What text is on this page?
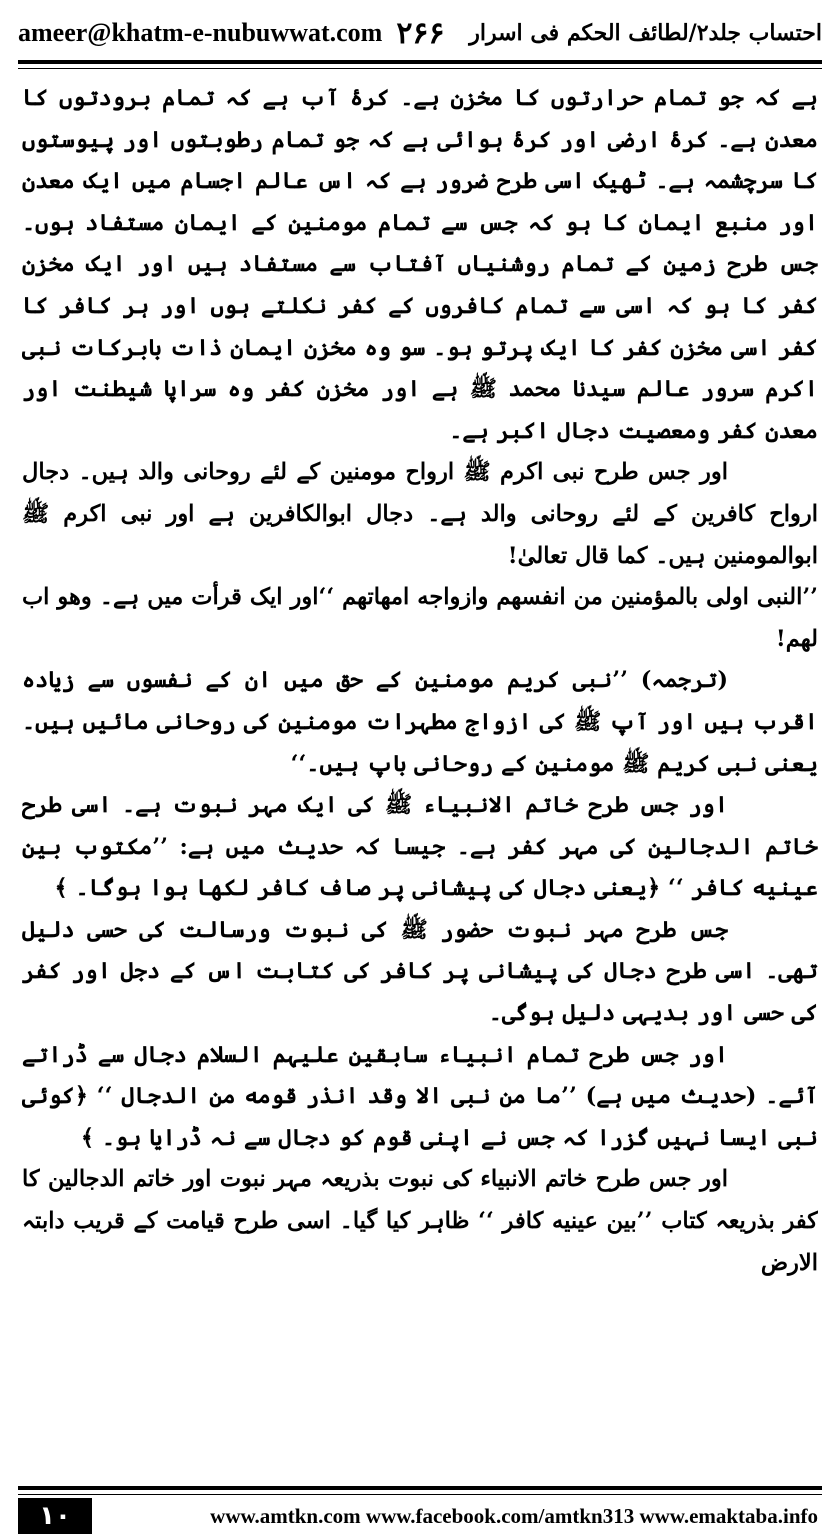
ameer@khatm-e-nubuwwat.com ۲۶۶ احتساب جلد۲/لطائف الحکم فی اسرار

ہے کہ جو تمام حرارتوں کا مخزن ہے۔ کرۂ آب ہے کہ تمام برودتوں کا معدن ہے۔ کرۂ ارضی اور کرۂ ہوائی ہے کہ جو تمام رطوبتوں اور پیوستوں کا سرچشمہ ہے۔ ٹھیک اسی طرح ضرور ہے کہ اس عالم اجسام میں ایک معدن اور منبع ایمان کا ہو کہ جس سے تمام مومنین کے ایمان مستفاد ہوں۔ جس طرح زمین کے تمام روشنیاں آفتاب سے مستفاد ہیں اور ایک مخزن کفر کا ہو کہ اسی سے تمام کافروں کے کفر نکلتے ہوں اور ہر کافر کا کفر اسی مخزن کفر کا ایک پرتو ہو۔ سو وہ مخزن ایمان ذات بابرکات نبی اکرم سرور عالم سیدنا محمد ﷺ ہے اور مخزن کفر وہ سراپا شیطنت اور معدن کفر ومعصیت دجال اکبر ہے۔

اور جس طرح نبی اکرم ﷺ ارواح مومنین کے لئے روحانی والد ہیں۔ دجال ارواح کافرین کے لئے روحانی والد ہے۔ دجال ابوالکافرین ہے اور نبی اکرم ﷺ ابوالمومنین ہیں۔ کما قال تعالیٰ!

’’النبی اولی بالمؤمنین من انفسھم وازواجه امھاتھم ‘‘اور ایک قرأت میں ہے۔ وھو اب لھم!

(ترجمہ) ’’نبی کریم مومنین کے حق میں ان کے نفسوں سے زیادہ اقرب ہیں اور آپ ﷺ کی ازواج مطہرات مومنین کی روحانی مائیں ہیں۔ یعنی نبی کریم ﷺ مومنین کے روحانی باپ ہیں۔‘‘

اور جس طرح خاتم الانبیاء ﷺ کی ایک مہر نبوت ہے۔ اسی طرح خاتم الدجالین کی مہر کفر ہے۔ جیسا کہ حدیث میں ہے: ’’مکتوب بین عینیه کافر ‘‘ ﴿یعنی دجال کی پیشانی پر صاف کافر لکھا ہوا ہوگا۔ ﴾

جس طرح مہر نبوت حضور ﷺ کی نبوت ورسالت کی حسی دلیل تھی۔ اسی طرح دجال کی پیشانی پر کافر کی کتابت اس کے دجل اور کفر کی حسی اور بدیہی دلیل ہوگی۔

اور جس طرح تمام انبیاء سابقین علیہم السلام دجال سے ڈراتے آئے۔ (حدیث میں ہے) ’’ما من نبی الا وقد انذر قومه من الدجال ‘‘ ﴿کوئی نبی ایسا نہیں گزرا کہ جس نے اپنی قوم کو دجال سے نہ ڈرایا ہو۔ ﴾

اور جس طرح خاتم الانبیاء کی نبوت بذریعہ مہر نبوت اور خاتم الدجالین کا کفر بذریعہ کتاب ’’بین عینیه کافر ‘‘ ظاہر کیا گیا۔ اسی طرح قیامت کے قریب دابتہ الارض

۱۰	www.amtkn.com www.facebook.com/amtkn313 www.emaktaba.info
